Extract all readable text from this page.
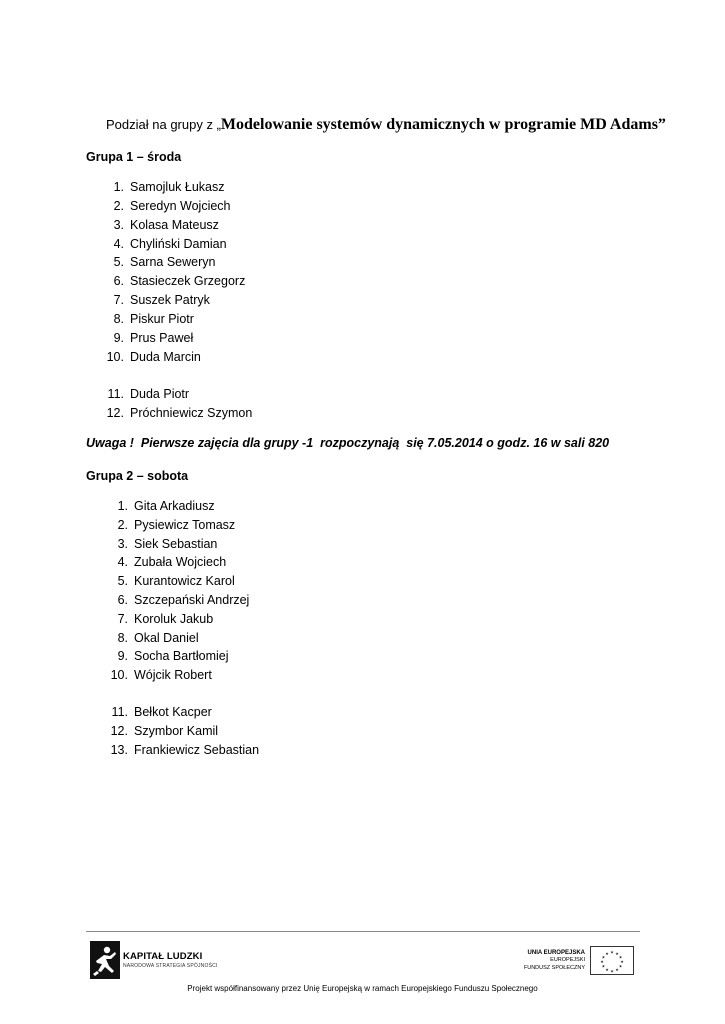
Podział na grupy z „Modelowanie systemów dynamicznych w programie MD Adams”
Grupa 1 – środa
1. Samojluk Łukasz
2. Seredyn Wojciech
3. Kolasa Mateusz
4. Chyliński Damian
5. Sarna Seweryn
6. Stasieczek Grzegorz
7. Suszek Patryk
8. Piskur Piotr
9. Prus Paweł
10. Duda Marcin
11. Duda Piotr
12. Próchniewicz Szymon
Uwaga !  Pierwsze zajęcia dla grupy -1  rozpoczynają  się 7.05.2014 o godz. 16 w sali 820
Grupa 2 – sobota
1. Gita Arkadiusz
2. Pysiewicz Tomasz
3. Siek Sebastian
4. Zubała Wojciech
5. Kurantowicz Karol
6. Szczepański Andrzej
7. Koroluk Jakub
8. Okal Daniel
9. Socha Bartłomiej
10. Wójcik Robert
11. Bełkot Kacper
12. Szymbor Kamil
13. Frankiewicz Sebastian
KAPITAŁ LUDZKI
NARODOWA STRATEGIA SPÓJNOŚCI
UNIA EUROPEJSKA
EUROPEJSKI
FUNDUSZ SPOŁECZNY
★ ★
★
★
★
★
★
★
★
★
★
★
Projekt współfinansowany przez Unię Europejską w ramach Europejskiego Funduszu Społecznego
